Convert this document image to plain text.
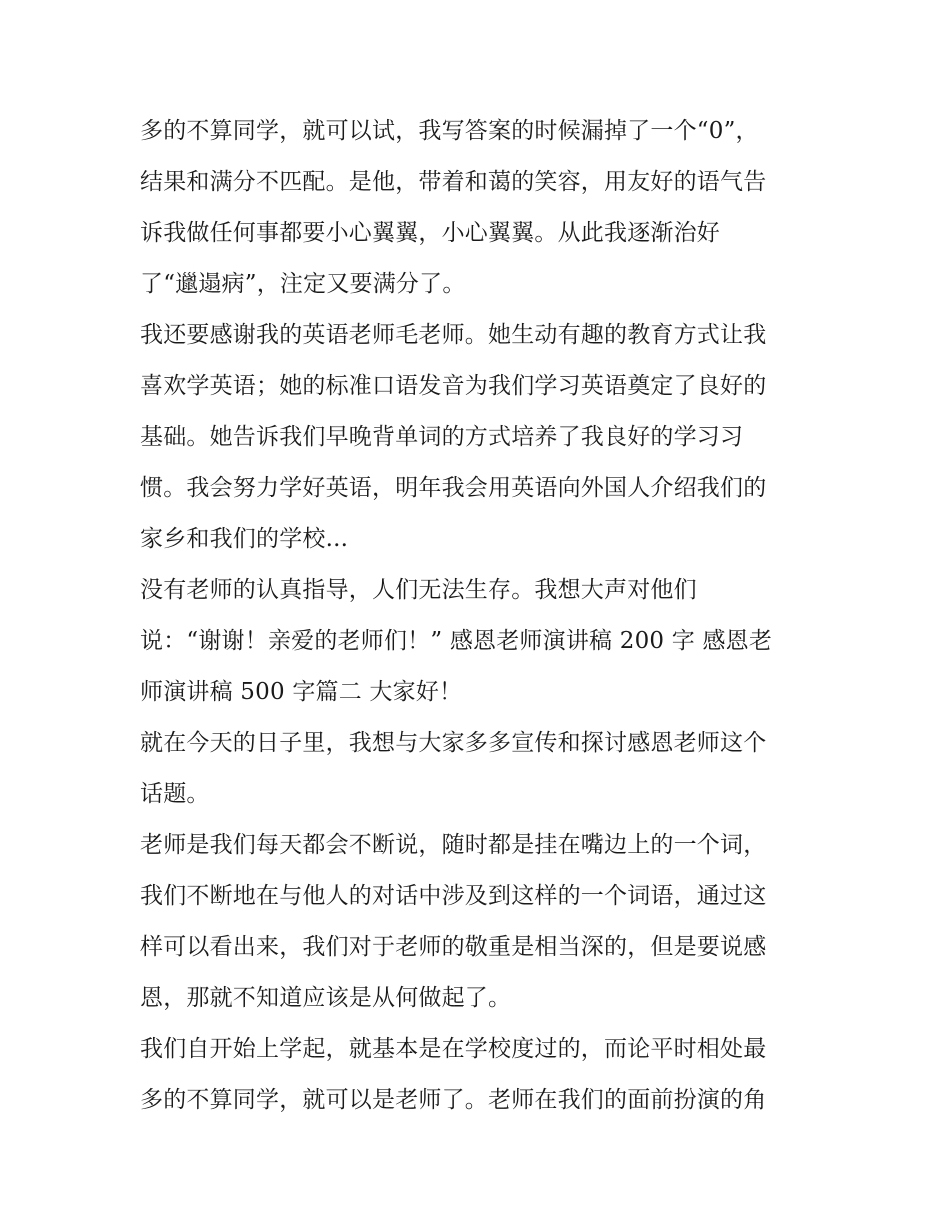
多的不算同学，就可以试，我写答案的时候漏掉了一个“0”，
结果和满分不匹配。是他，带着和蔼的笑容，用友好的语气告
诉我做任何事都要小心翼翼，小心翼翼。从此我逐渐治好
了“邋遢病”，注定又要满分了。
我还要感谢我的英语老师毛老师。她生动有趣的教育方式让我
喜欢学英语；她的标准口语发音为我们学习英语奠定了良好的
基础。她告诉我们早晚背单词的方式培养了我良好的学习习
惯。我会努力学好英语，明年我会用英语向外国人介绍我们的
家乡和我们的学校...
没有老师的认真指导，人们无法生存。我想大声对他们
说：“谢谢！亲爱的老师们！” 感恩老师演讲稿 200 字 感恩老
师演讲稿 500 字篇二 大家好！
就在今天的日子里，我想与大家多多宣传和探讨感恩老师这个
话题。
老师是我们每天都会不断说，随时都是挂在嘴边上的一个词，
我们不断地在与他人的对话中涉及到这样的一个词语，通过这
样可以看出来，我们对于老师的敬重是相当深的，但是要说感
恩，那就不知道应该是从何做起了。
我们自开始上学起，就基本是在学校度过的，而论平时相处最
多的不算同学，就可以是老师了。老师在我们的面前扮演的角
